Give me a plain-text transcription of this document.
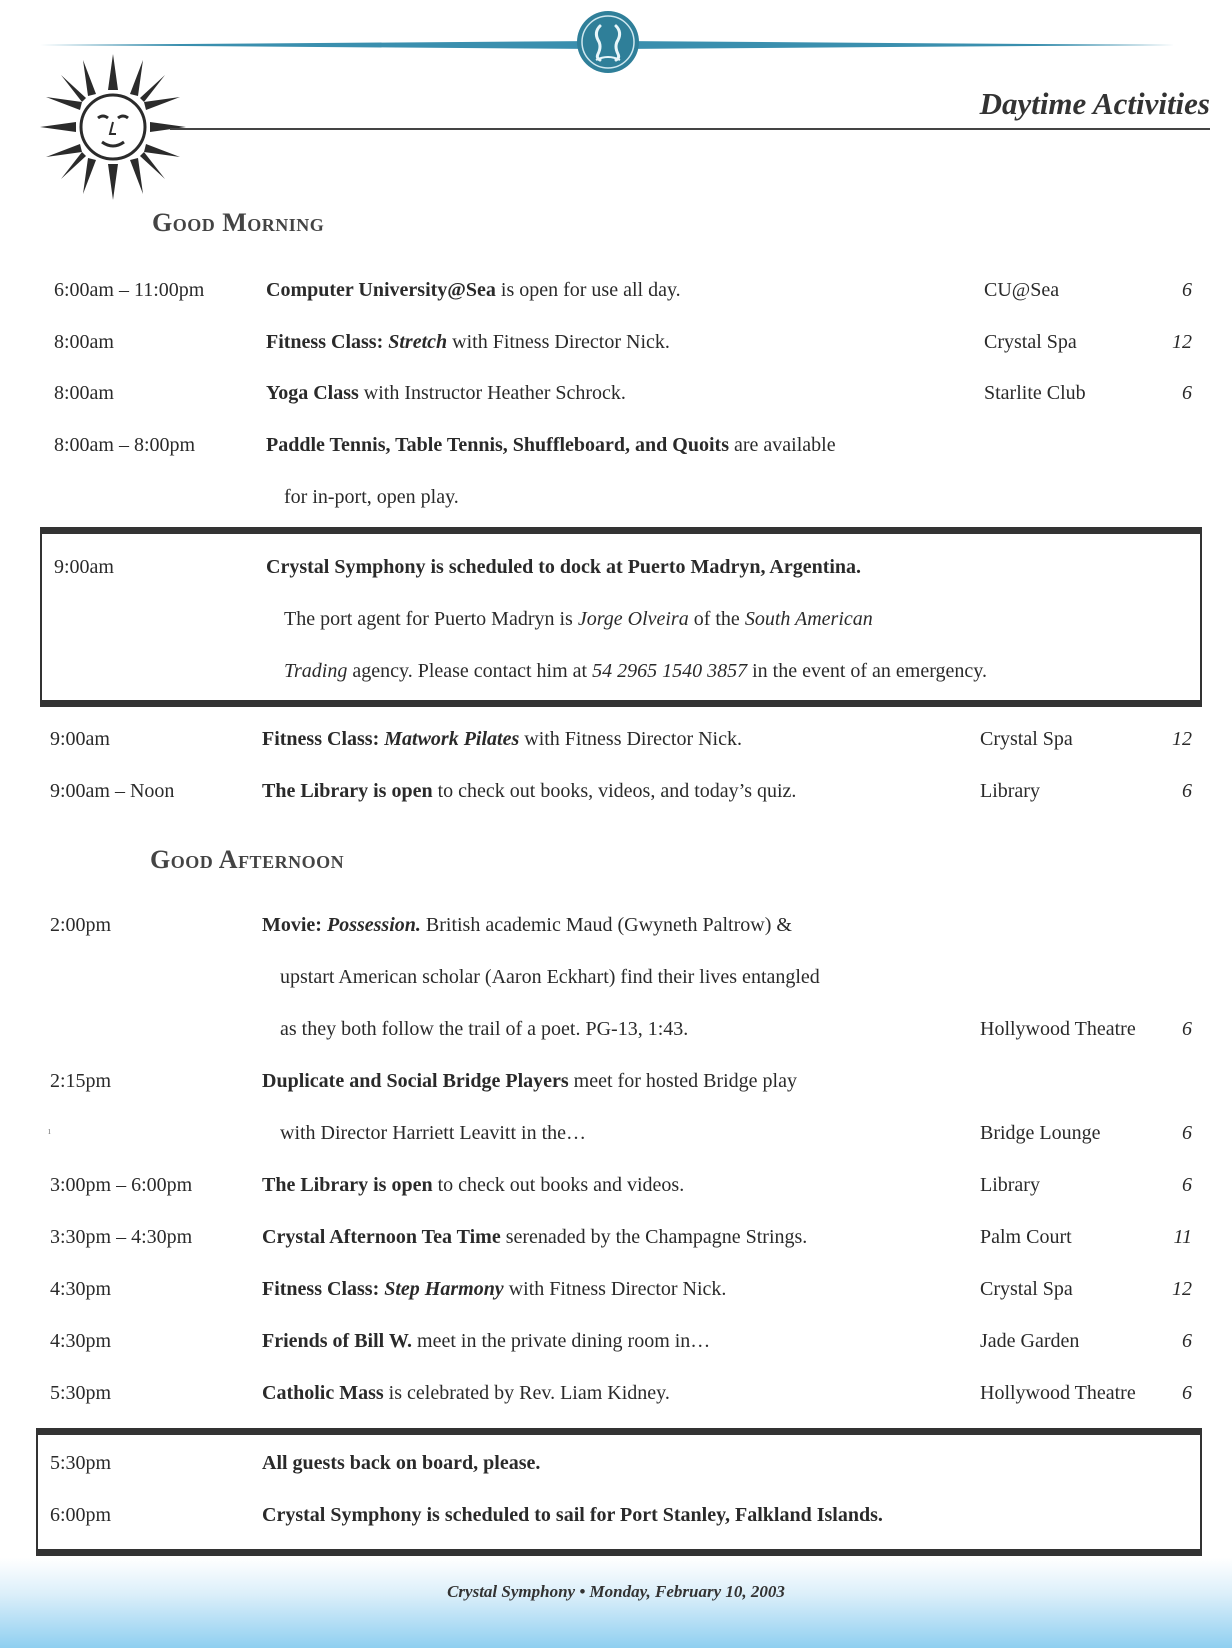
Daytime Activities
Good Morning
6:00am – 11:00pm	Computer University@Sea is open for use all day.	CU@Sea	6
8:00am	Fitness Class: Stretch with Fitness Director Nick.	Crystal Spa	12
8:00am	Yoga Class with Instructor Heather Schrock.	Starlite Club	6
8:00am – 8:00pm	Paddle Tennis, Table Tennis, Shuffleboard, and Quoits are available
for in-port, open play.
9:00am	Crystal Symphony is scheduled to dock at Puerto Madryn, Argentina.
The port agent for Puerto Madryn is Jorge Olveira of the South American
Trading agency. Please contact him at 54 2965 1540 3857 in the event of an emergency.
9:00am	Fitness Class: Matwork Pilates with Fitness Director Nick.	Crystal Spa	12
9:00am – Noon	The Library is open to check out books, videos, and today’s quiz.	Library	6
Good Afternoon
2:00pm	Movie: Possession. British academic Maud (Gwyneth Paltrow) &
upstart American scholar (Aaron Eckhart) find their lives entangled
as they both follow the trail of a poet. PG-13, 1:43.	Hollywood Theatre 6
2:15pm	Duplicate and Social Bridge Players meet for hosted Bridge play
with Director Harriett Leavitt in the…	Bridge Lounge	6
3:00pm – 6:00pm	The Library is open to check out books and videos.	Library	6
3:30pm – 4:30pm	Crystal Afternoon Tea Time serenaded by the Champagne Strings.	Palm Court	11
4:30pm	Fitness Class: Step Harmony with Fitness Director Nick.	Crystal Spa	12
4:30pm	Friends of Bill W. meet in the private dining room in…	Jade Garden	6
5:30pm	Catholic Mass is celebrated by Rev. Liam Kidney.	Hollywood Theatre 6
5:30pm	All guests back on board, please.
6:00pm	Crystal Symphony is scheduled to sail for Port Stanley, Falkland Islands.
ı
Crystal Symphony • Monday, February 10, 2003
